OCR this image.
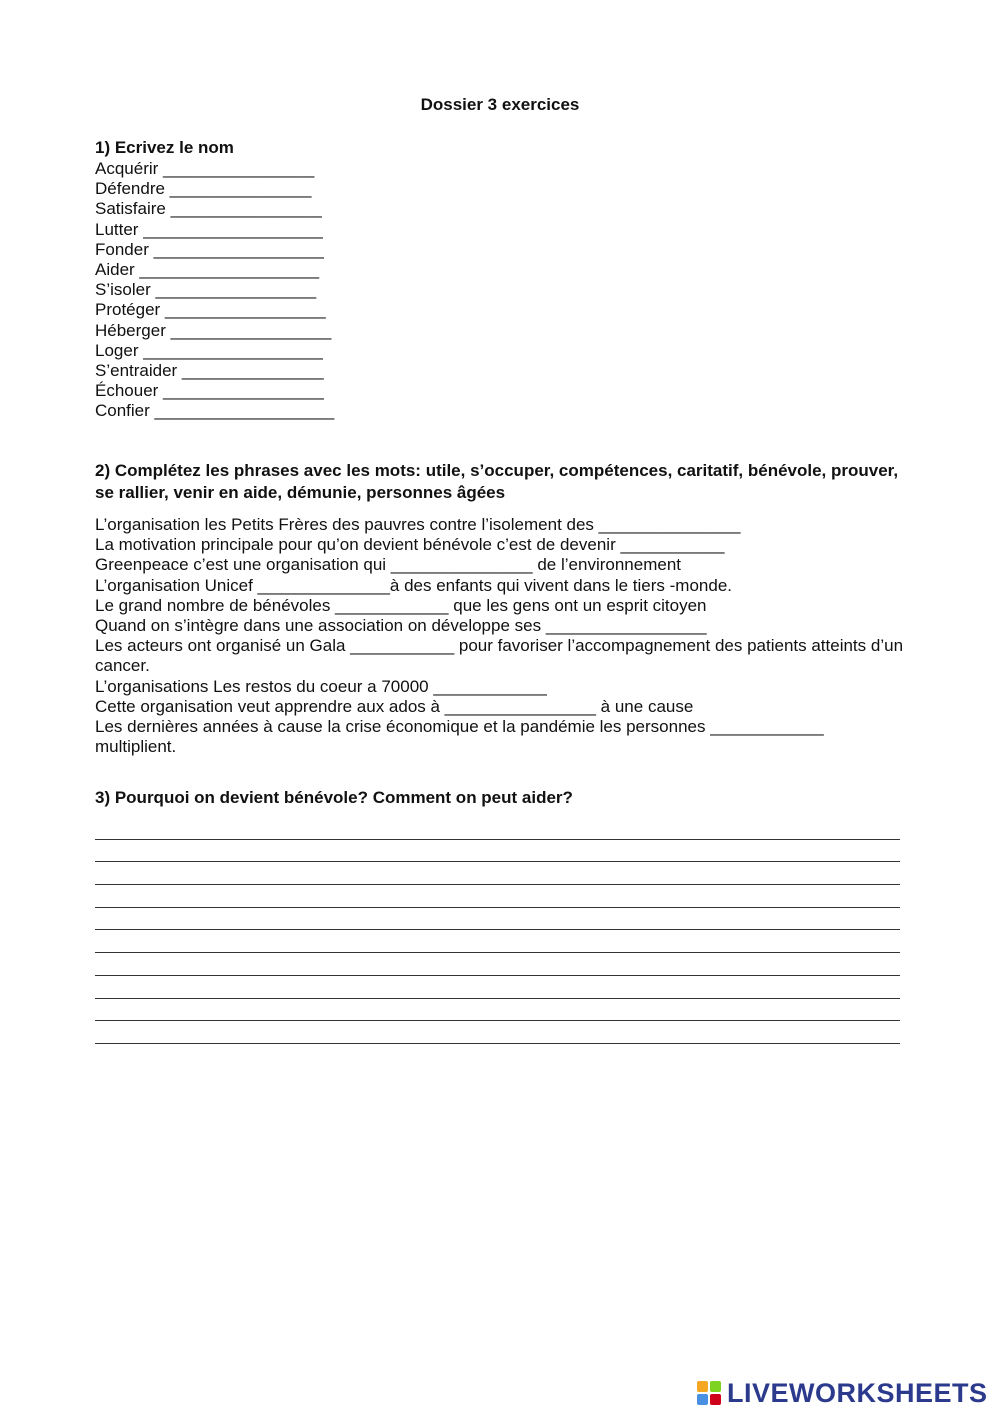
Dossier 3 exercices
1) Ecrivez le nom
Acquérir ________________
Défendre _______________
Satisfaire ________________
Lutter ___________________
Fonder __________________
Aider ___________________
S’isoler _________________
Protéger _________________
Héberger _________________
Loger ___________________
S’entraider _______________
Échouer _________________
Confier ___________________
2) Complétez les phrases avec les mots: utile, s’occuper, compétences, caritatif, bénévole, prouver, se rallier, venir en aide, démunie, personnes âgées
L’organisation les Petits Frères des pauvres contre l’isolement des _______________
La motivation principale pour qu’on devient bénévole c’est de devenir ___________
Greenpeace c’est une organisation qui _______________ de l’environnement
L’organisation Unicef ______________à des enfants qui vivent dans le tiers -monde.
Le grand nombre de bénévoles ____________ que les gens ont un esprit citoyen
Quand on s’intègre dans une association on développe ses _________________
Les acteurs ont organisé un Gala ___________ pour favoriser l’accompagnement des patients atteints d’un cancer.
L’organisations Les restos du coeur a 70000 ____________
Cette organisation veut apprendre aux ados à ________________ à une cause
Les dernières années à cause la crise économique et la pandémie les personnes ____________ multiplient.
3) Pourquoi on devient bénévole? Comment on peut aider?
LIVEWORKSHEETS
